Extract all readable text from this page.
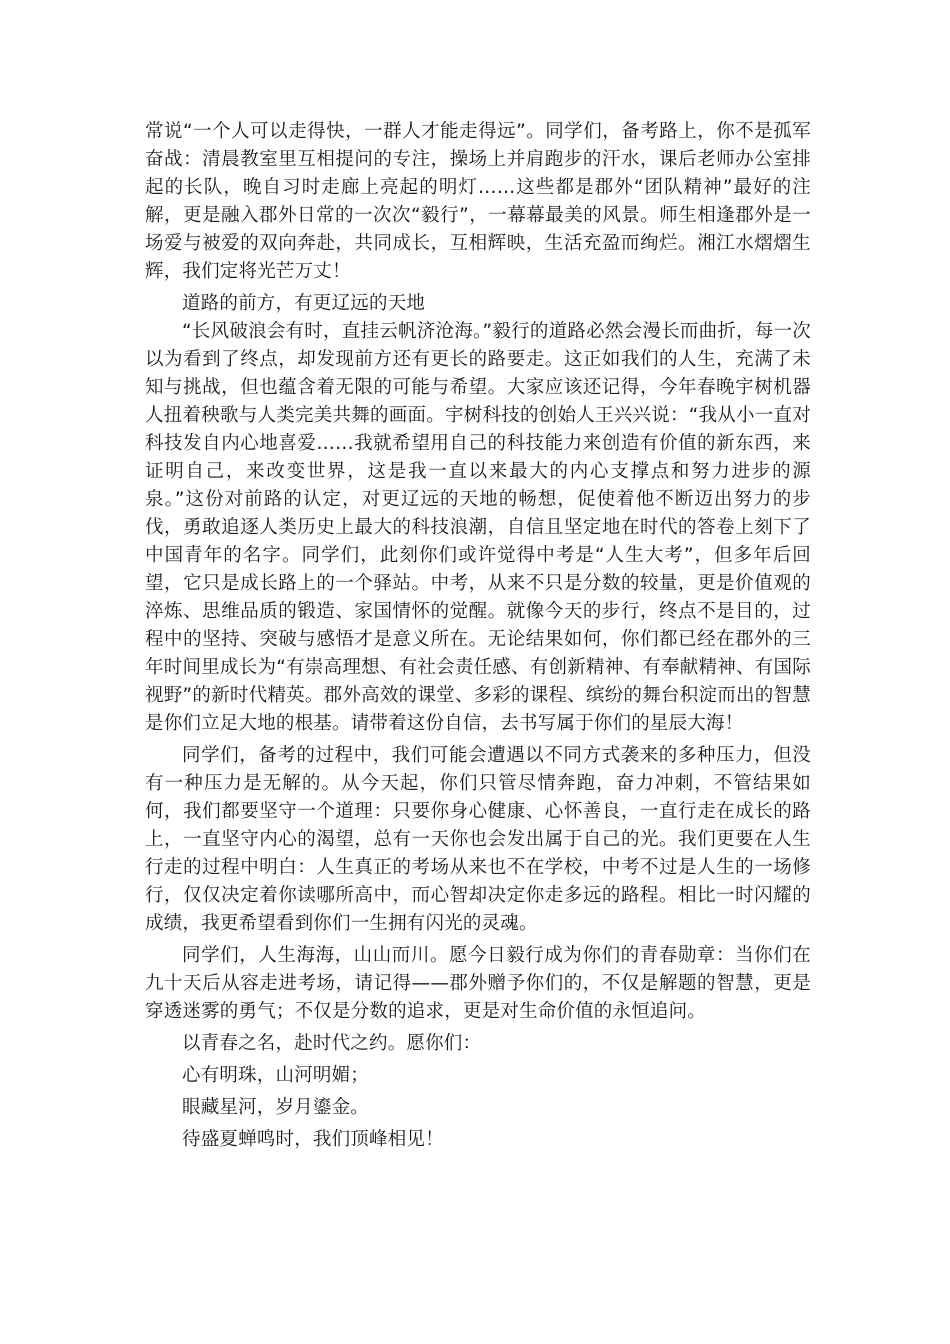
常说“一个人可以走得快，一群人才能走得远”。同学们，备考路上，你不是孤军奋战：清晨教室里互相提问的专注，操场上并肩跑步的汗水，课后老师办公室排起的长队，晚自习时走廊上亮起的明灯……这些都是郡外“团队精神”最好的注解，更是融入郡外日常的一次次“毅行”，一幕幕最美的风景。师生相逢郡外是一场爱与被爱的双向奔赴，共同成长，互相辉映，生活充盈而绚烂。湘江水熠熠生辉，我们定将光芒万丈！

道路的前方，有更辽远的天地

“长风破浪会有时，直挂云帆济沧海。”毅行的道路必然会漫长而曲折，每一次以为看到了终点，却发现前方还有更长的路要走。这正如我们的人生，充满了未知与挑战，但也蕴含着无限的可能与希望。大家应该还记得，今年春晚宇树机器人扭着秧歌与人类完美共舞的画面。宇树科技的创始人王兴兴说：“我从小一直对科技发自内心地喜爱……我就希望用自己的科技能力来创造有价值的新东西，来证明自己，来改变世界，这是我一直以来最大的内心支撑点和努力进步的源泉。”这份对前路的认定，对更辽远的天地的畅想，促使着他不断迈出努力的步伐，勇敢追逐人类历史上最大的科技浪潮，自信且坚定地在时代的答卷上刻下了中国青年的名字。同学们，此刻你们或许觉得中考是“人生大考”，但多年后回望，它只是成长路上的一个驿站。中考，从来不只是分数的较量，更是价值观的淬炼、思维品质的锻造、家国情怀的觉醒。就像今天的步行，终点不是目的，过程中的坚持、突破与感悟才是意义所在。无论结果如何，你们都已经在郡外的三年时间里成长为“有崇高理想、有社会责任感、有创新精神、有奉献精神、有国际视野”的新时代精英。郡外高效的课堂、多彩的课程、缤纷的舞台积淀而出的智慧是你们立足大地的根基。请带着这份自信，去书写属于你们的星辰大海！

同学们，备考的过程中，我们可能会遭遇以不同方式袭来的多种压力，但没有一种压力是无解的。从今天起，你们只管尽情奔跑，奋力冲刺，不管结果如何，我们都要坚守一个道理：只要你身心健康、心怀善良，一直行走在成长的路上，一直坚守内心的渴望，总有一天你也会发出属于自己的光。我们更要在人生行走的过程中明白：人生真正的考场从来也不在学校，中考不过是人生的一场修行，仅仅决定着你读哪所高中，而心智却决定你走多远的路程。相比一时闪耀的成绩，我更希望看到你们一生拥有闪光的灵魂。

同学们，人生海海，山山而川。愿今日毅行成为你们的青春勋章：当你们在九十天后从容走进考场，请记得——郡外赠予你们的，不仅是解题的智慧，更是穿透迷雾的勇气；不仅是分数的追求，更是对生命价值的永恒追问。

以青春之名，赴时代之约。愿你们：

心有明珠，山河明媚；

眼藏星河，岁月鎏金。

待盛夏蝉鸣时，我们顶峰相见！
